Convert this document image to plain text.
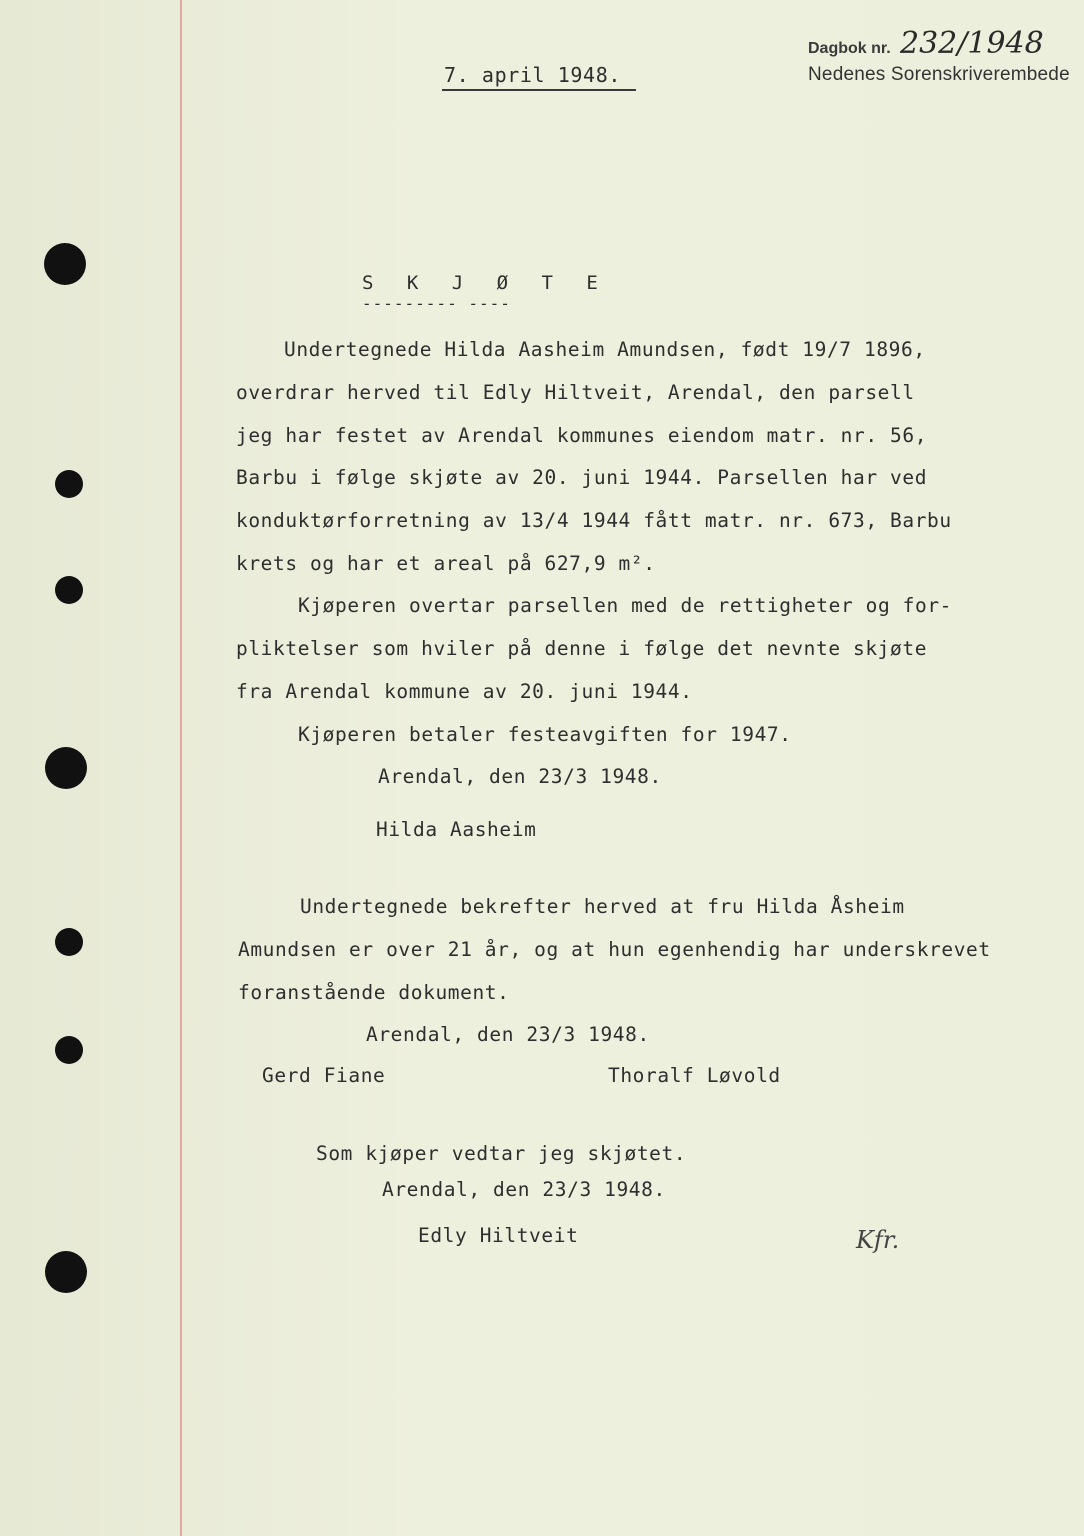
7. april 1948.
Dagbok nr. 232/1948
Nedenes Sorenskriverembede
S K J Ø T E
--------- ----
Undertegnede Hilda Aasheim Amundsen, født 19/7 1896,
overdrar herved til Edly Hiltveit, Arendal, den parsell
jeg har festet av Arendal kommunes eiendom matr. nr. 56,
Barbu i følge skjøte av 20. juni 1944. Parsellen har ved
konduktørforretning av 13/4 1944 fått matr. nr. 673, Barbu
krets og har et areal på 627,9 m².
Kjøperen overtar parsellen med de rettigheter og for-
pliktelser som hviler på denne i følge det nevnte skjøte
fra Arendal kommune av 20. juni 1944.
Kjøperen betaler festeavgiften for 1947.
Arendal, den 23/3 1948.
Hilda Aasheim
Undertegnede bekrefter herved at fru Hilda Åsheim
Amundsen er over 21 år, og at hun egenhendig har underskrevet
foranstående dokument.
Arendal, den 23/3 1948.
Gerd Fiane	Thoralf Løvold
Som kjøper vedtar jeg skjøtet.
Arendal, den 23/3 1948.
Edly Hiltveit	Kfr.
